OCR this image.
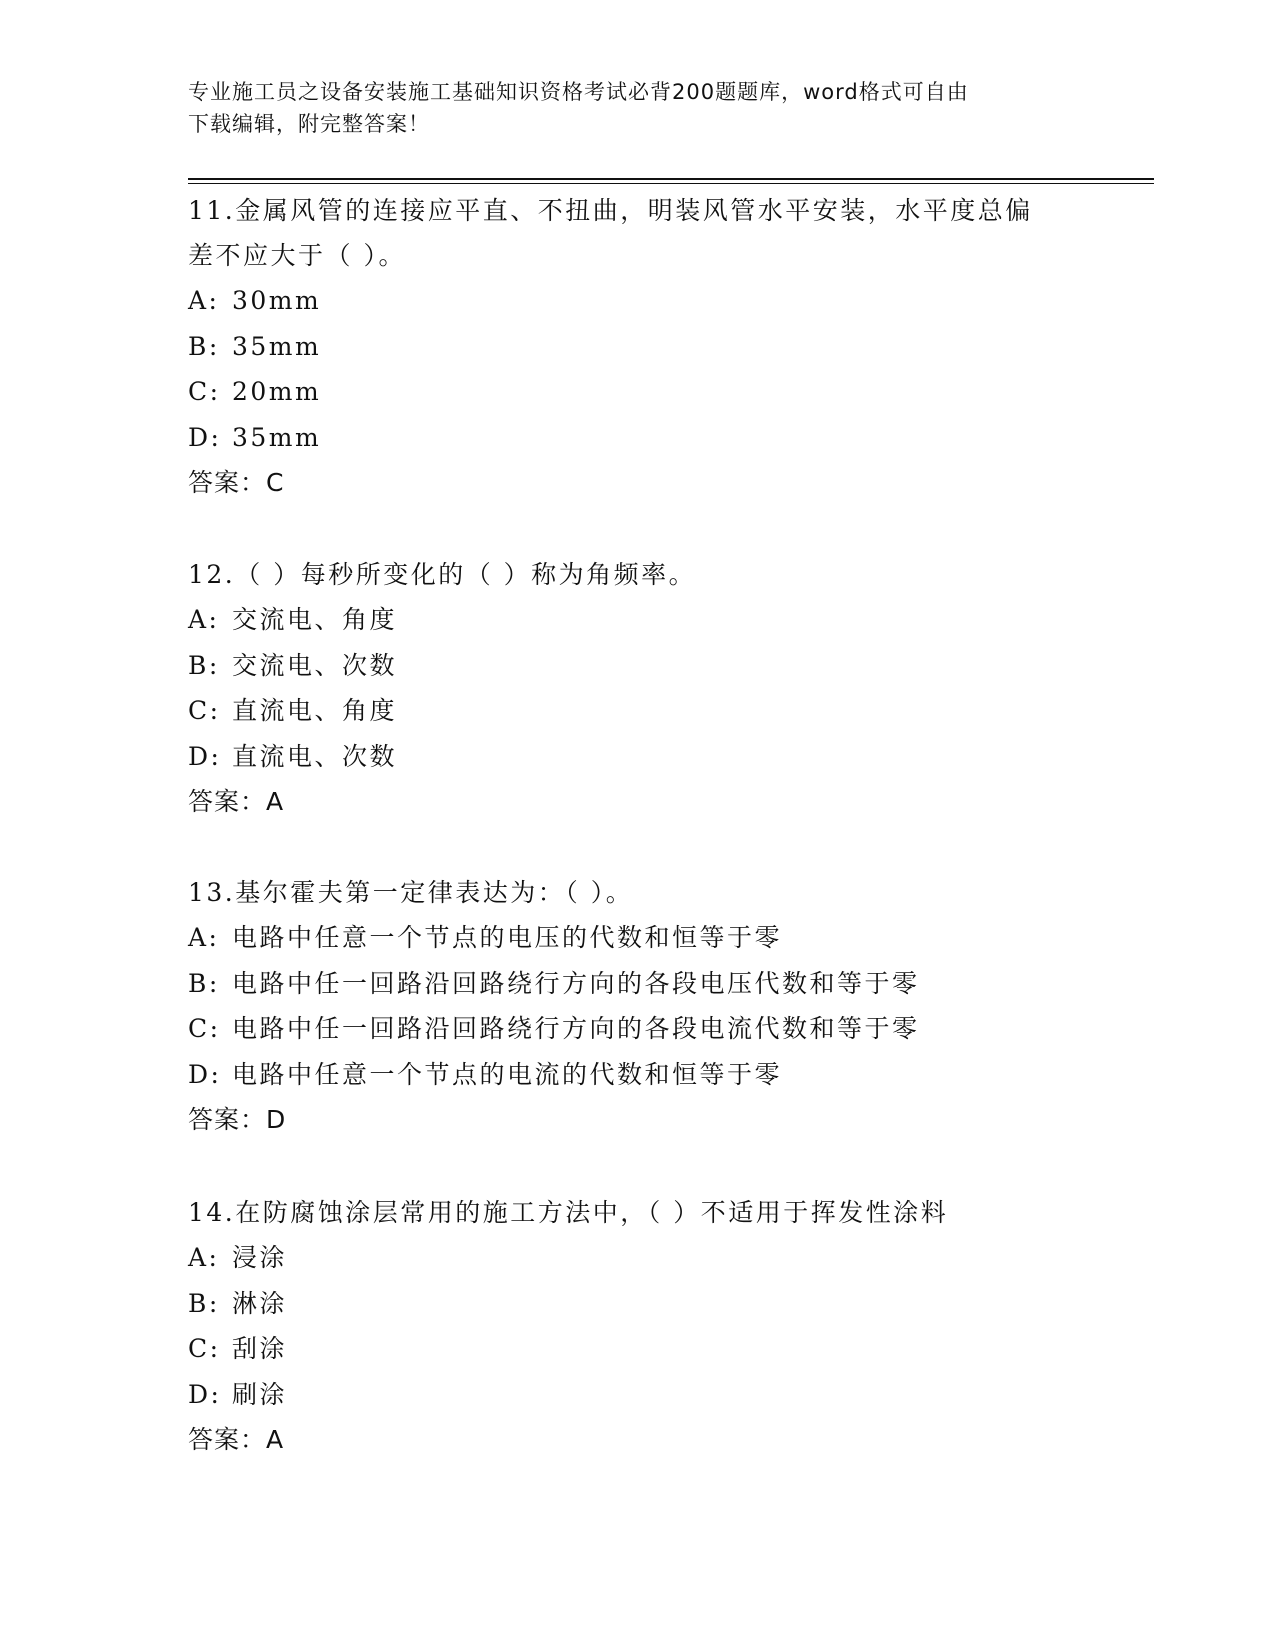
专业施工员之设备安装施工基础知识资格考试必背200题题库，word格式可自由
下载编辑，附完整答案！

11.金属风管的连接应平直、不扭曲，明装风管水平安装，水平度总偏

差不应大于（ ）。

A: 30mm

B: 35mm

C: 20mm

D: 35mm

答案：C

12.（ ）每秒所变化的（ ）称为角频率。

A: 交流电、角度

B: 交流电、次数

C: 直流电、角度

D: 直流电、次数

答案：A

13.基尔霍夫第一定律表达为：（ ）。

A: 电路中任意一个节点的电压的代数和恒等于零

B: 电路中任一回路沿回路绕行方向的各段电压代数和等于零

C: 电路中任一回路沿回路绕行方向的各段电流代数和等于零

D: 电路中任意一个节点的电流的代数和恒等于零

答案：D

14.在防腐蚀涂层常用的施工方法中，（ ）不适用于挥发性涂料

A: 浸涂

B: 淋涂

C: 刮涂

D: 刷涂

答案：A
